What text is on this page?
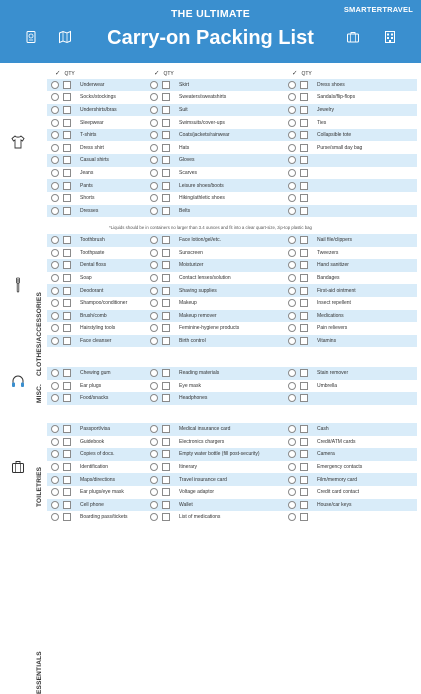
SMARTERTRAVEL
THE ULTIMATE
Carry-on Packing List
✓ QTY	✓ QTY	✓ QTY
CLOTHES/ACCESSORIES
Underwear
Socks/stockings
Undershirts/bras
Sleepwear
T-shirts
Dress shirt
Casual shirts
Jeans
Pants
Shorts
Dresses
Skirt
Sweaters/sweatshirts
Suit
Swimsuits/cover-ups
Coats/jackets/rainwear
Hats
Gloves
Scarves
Leisure shoes/boots
Hiking/athletic shoes
Belts
Dress shoes
Sandals/flip-flops
Jewelry
Ties
Collapsible tote
Purse/small day bag
TOILETRIES
Toothbrush
Toothpaste
Dental floss
Soap
Deodorant
Shampoo/conditioner
Brush/comb
Hairstyling tools
Face cleanser
Face lotion/gel/etc.
Sunscreen
Moisturizer
Contact lenses/solution
Shaving supplies
Makeup
Makeup remover
Feminine-hygiene products
Birth control
Nail file/clippers
Tweezers
Hand sanitizer
Bandages
First-aid ointment
Insect repellent
Medications
Pain relievers
Vitamins
MISC.
Chewing gum
Ear plugs
Food/snacks
Reading materials
Eye mask
Headphones
Stain remover
Umbrella
ESSENTIALS
Passport/visa
Guidebook
Copies of docs.
Identification
Maps/directions
Ear plugs/eye mask
Cell phone
Boarding pass/tickets
Medical insurance card
Electronics chargers
Empty water bottle (fill post-security)
Itinerary
Travel insurance card
Voltage adaptor
Wallet
List of medications
Cash
Credit/ATM cards
Camera
Emergency contacts
Film/memory card
Credit card contact
House/car keys
*Liquids should be in containers no larger than 3.4 ounces and fit into a clear quart-size, zip-top plastic bag
